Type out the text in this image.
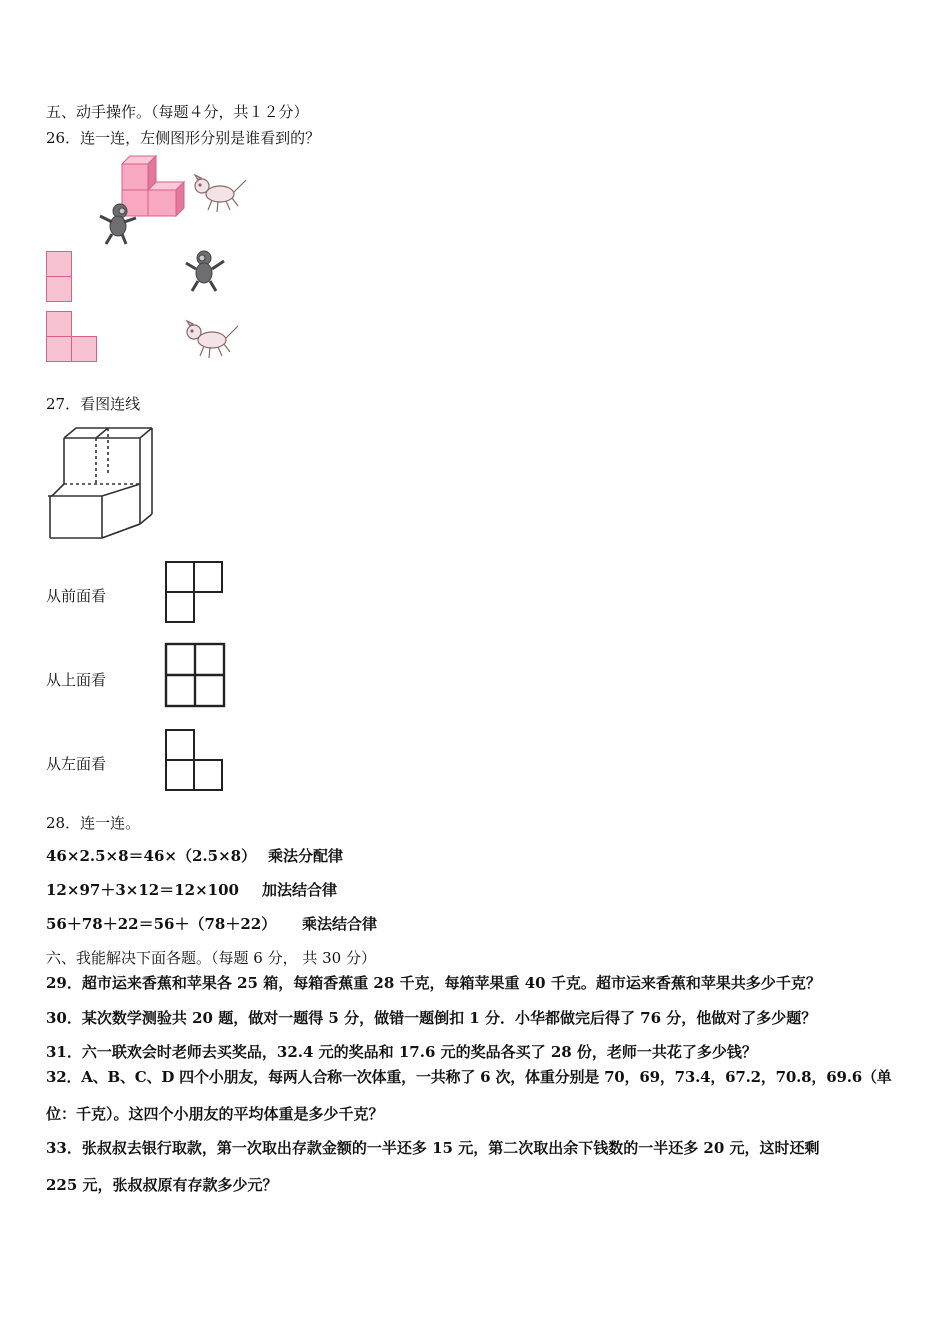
五、动手操作。（每题４分，共１２分）
26．连一连，左侧图形分别是谁看到的？
27．看图连线
从前面看
从上面看
从左面看
28．连一连。
46×2.5×8＝46×（2.5×8） 乘法分配律
12×97＋3×12＝12×100 加法结合律
56＋78＋22＝56＋（78＋22） 乘法结合律
六、我能解决下面各题。（每题 6 分， 共 30 分）
29．超市运来香蕉和苹果各 25 箱，每箱香蕉重 28 千克，每箱苹果重 40 千克。超市运来香蕉和苹果共多少千克？
30．某次数学测验共 20 题，做对一题得 5 分，做错一题倒扣 1 分．小华都做完后得了 76 分，他做对了多少题？
31．六一联欢会时老师去买奖品，32.4 元的奖品和 17.6 元的奖品各买了 28 份，老师一共花了多少钱？
32．A、B、C、D 四个小朋友，每两人合称一次体重，一共称了 6 次，体重分别是 70，69，73.4，67.2，70.8，69.6（单
位：千克）。这四个小朋友的平均体重是多少千克？
33．张叔叔去银行取款，第一次取出存款金额的一半还多 15 元，第二次取出余下钱数的一半还多 20 元，这时还剩
225 元，张叔叔原有存款多少元？
